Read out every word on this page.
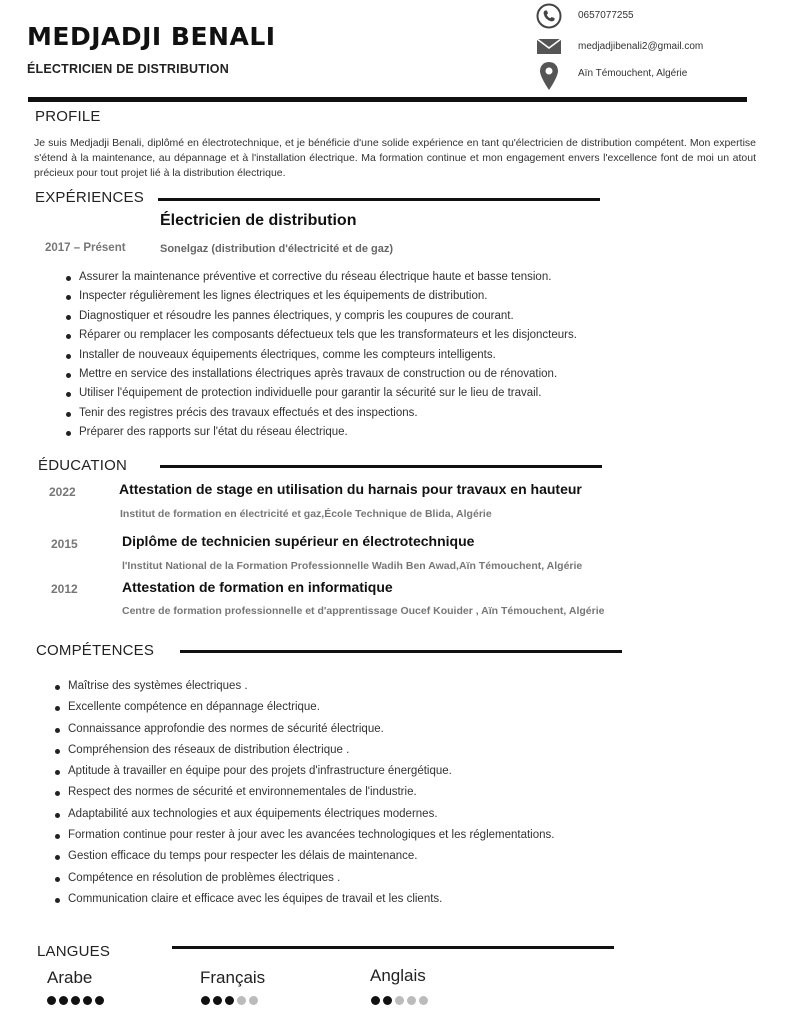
MEDJADJI BENALI
ÉLECTRICIEN DE DISTRIBUTION
0657077255
medjadjibenali2@gmail.com
Aïn Témouchent, Algérie
PROFILE
Je suis Medjadji Benali, diplômé en électrotechnique, et je bénéficie d'une solide expérience en tant qu'électricien de distribution compétent. Mon expertise s'étend à la maintenance, au dépannage et à l'installation électrique. Ma formation continue et mon engagement envers l'excellence font de moi un atout précieux pour tout projet lié à la distribution électrique.
EXPÉRIENCES
Électricien de distribution
2017 – Présent	Sonelgaz (distribution d'électricité et de gaz)
Assurer la maintenance préventive et corrective du réseau électrique haute et basse tension.
Inspecter régulièrement les lignes électriques et les équipements de distribution.
Diagnostiquer et résoudre les pannes électriques, y compris les coupures de courant.
Réparer ou remplacer les composants défectueux tels que les transformateurs et les disjoncteurs.
Installer de nouveaux équipements électriques, comme les compteurs intelligents.
Mettre en service des installations électriques après travaux de construction ou de rénovation.
Utiliser l'équipement de protection individuelle pour garantir la sécurité sur le lieu de travail.
Tenir des registres précis des travaux effectués et des inspections.
Préparer des rapports sur l'état du réseau électrique.
ÉDUCATION
2022	Attestation de stage en utilisation du harnais pour travaux en hauteur
Institut de formation en électricité et gaz,École Technique de Blida, Algérie
2015	Diplôme de technicien supérieur en électrotechnique
l'Institut National de la Formation Professionnelle Wadih Ben Awad,Aïn Témouchent, Algérie
2012	Attestation de formation en informatique
Centre de formation professionnelle et d'apprentissage Oucef Kouider , Aïn Témouchent, Algérie
COMPÉTENCES
Maîtrise des systèmes électriques .
Excellente compétence en dépannage électrique.
Connaissance approfondie des normes de sécurité électrique.
Compréhension des réseaux de distribution électrique .
Aptitude à travailler en équipe pour des projets d'infrastructure énergétique.
Respect des normes de sécurité et environnementales de l'industrie.
Adaptabilité aux technologies et aux équipements électriques modernes.
Formation continue pour rester à jour avec les avancées technologiques et les réglementations.
Gestion efficace du temps pour respecter les délais de maintenance.
Compétence en résolution de problèmes électriques .
Communication claire et efficace avec les équipes de travail et les clients.
LANGUES
Arabe	Français	Anglais
